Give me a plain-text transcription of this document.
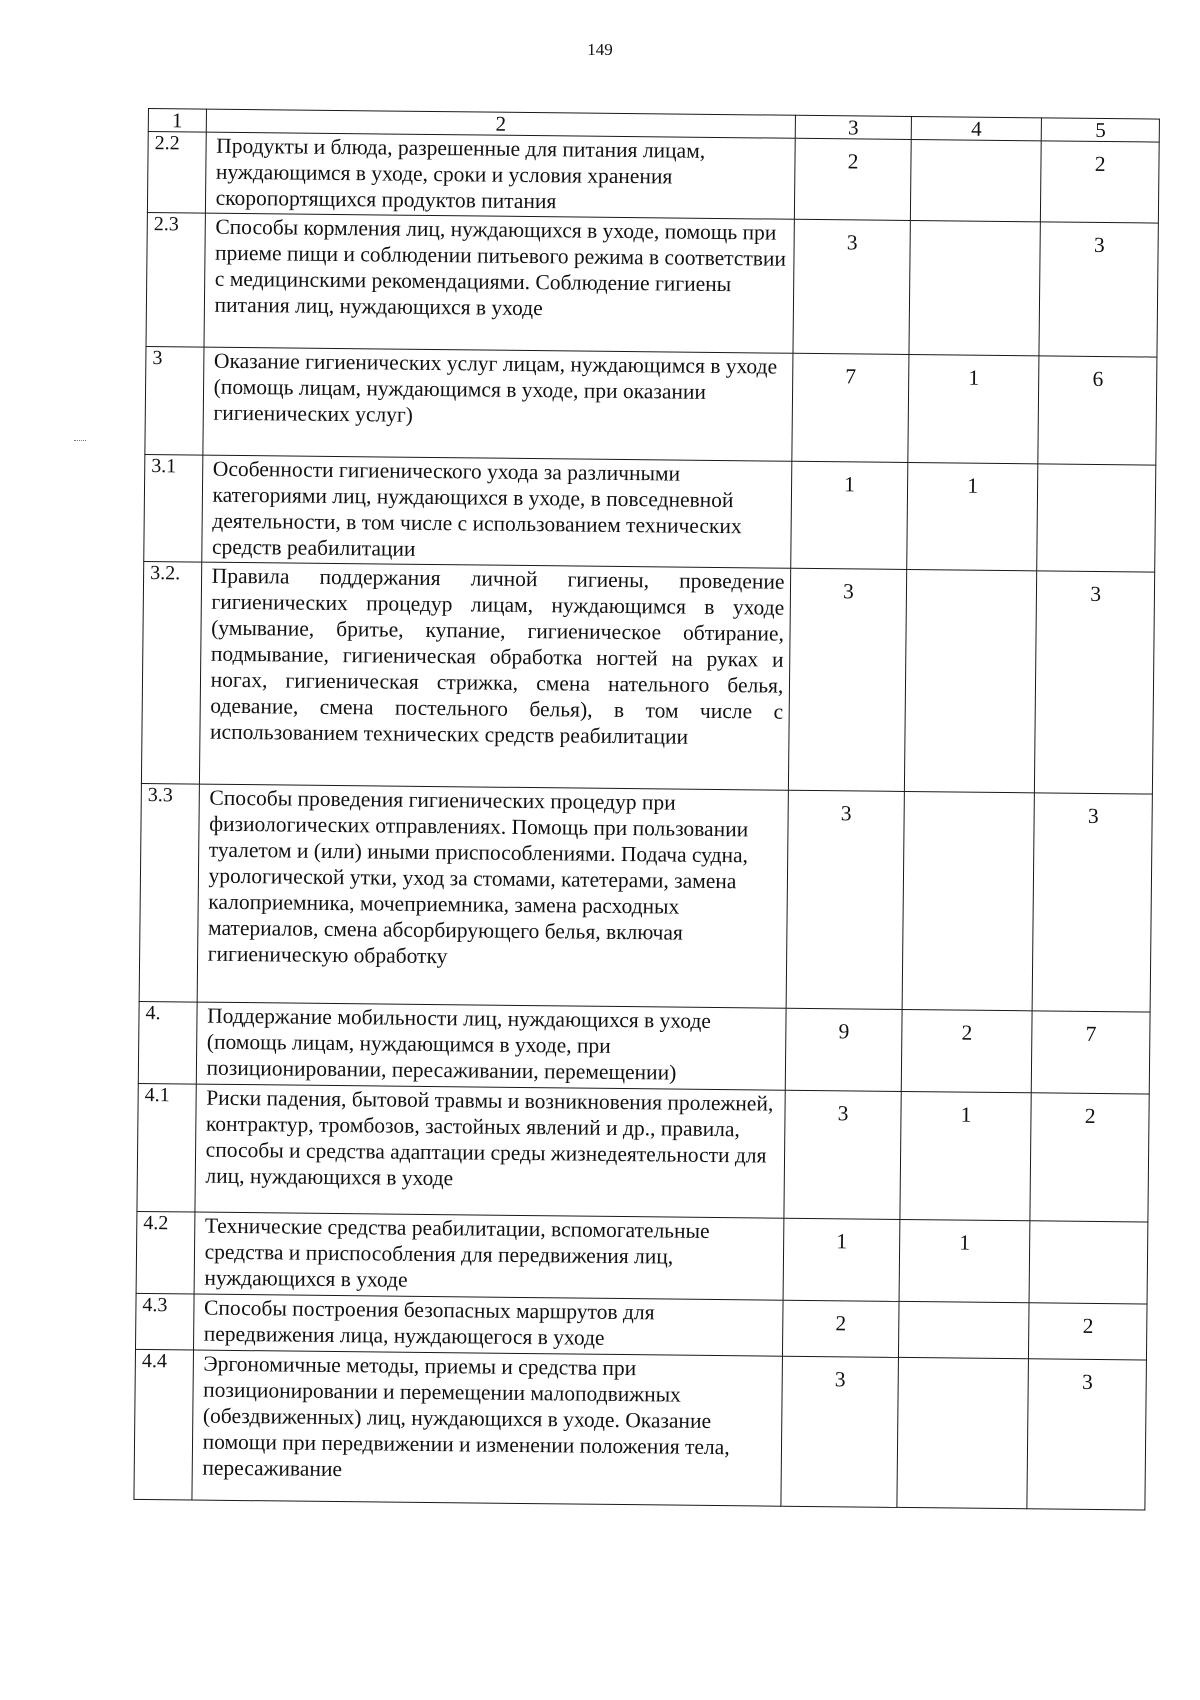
149
1	2	3	4	5
2.2	Продукты и блюда, разрешенные для питания лицам, нуждающимся в уходе, сроки и условия хранения скоропортящихся продуктов питания	2		2
2.3	Способы кормления лиц, нуждающихся в уходе, помощь при приеме пищи и соблюдении питьевого режима в соответствии с медицинскими рекомендациями. Соблюдение гигиены питания лиц, нуждающихся в уходе	3		3
3	Оказание гигиенических услуг лицам, нуждающимся в уходе (помощь лицам, нуждающимся в уходе, при оказании гигиенических услуг)	7	1	6
3.1	Особенности гигиенического ухода за различными категориями лиц, нуждающихся в уходе, в повседневной деятельности, в том числе с использованием технических средств реабилитации	1	1	
3.2.	Правила поддержания личной гигиены, проведение гигиенических процедур лицам, нуждающимся в уходе (умывание, бритье, купание, гигиеническое обтирание, подмывание, гигиеническая обработка ногтей на руках и ногах, гигиеническая стрижка, смена нательного белья, одевание, смена постельного белья), в том числе с использованием технических средств реабилитации	3		3
3.3	Способы проведения гигиенических процедур при физиологических отправлениях. Помощь при пользовании туалетом и (или) иными приспособлениями. Подача судна, урологической утки, уход за стомами, катетерами, замена калоприемника, мочеприемника, замена расходных материалов, смена абсорбирующего белья, включая гигиеническую обработку	3		3
4.	Поддержание мобильности лиц, нуждающихся в уходе (помощь лицам, нуждающимся в уходе, при позиционировании, пересаживании, перемещении)	9	2	7
4.1	Риски падения, бытовой травмы и возникновения пролежней, контрактур, тромбозов, застойных явлений и др., правила, способы и средства адаптации среды жизнедеятельности для лиц, нуждающихся в уходе	3	1	2
4.2	Технические средства реабилитации, вспомогательные средства и приспособления для передвижения лиц, нуждающихся в уходе	1	1	
4.3	Способы построения безопасных маршрутов для передвижения лица, нуждающегося в уходе	2		2
4.4	Эргономичные методы, приемы и средства при позиционировании и перемещении малоподвижных (обездвиженных) лиц, нуждающихся в уходе. Оказание помощи при передвижении и изменении положения тела, пересаживание	3		3
